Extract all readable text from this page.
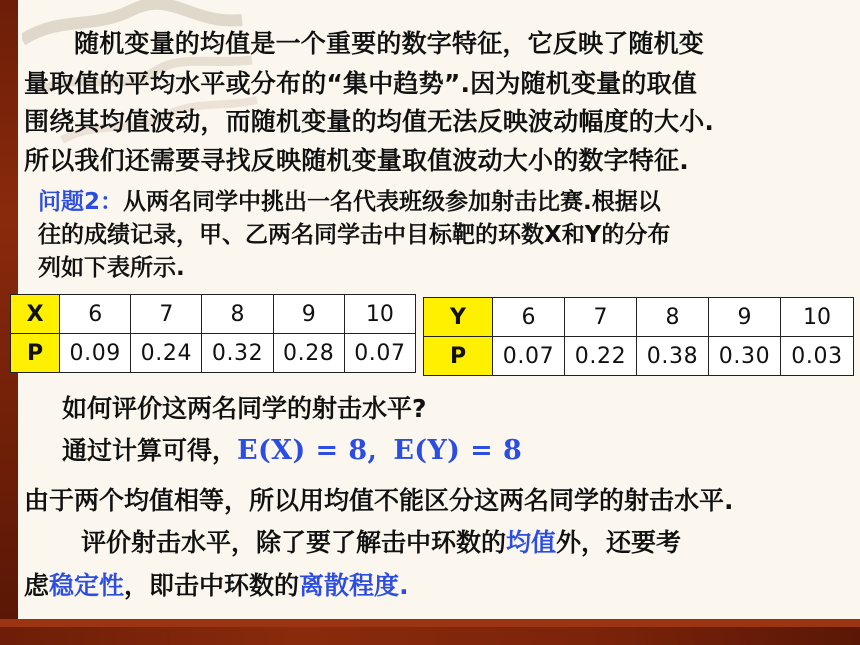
随机变量的均值是一个重要的数字特征，它反映了随机变
量取值的平均水平或分布的“集中趋势”.因为随机变量的取值
围绕其均值波动，而随机变量的均值无法反映波动幅度的大小.
所以我们还需要寻找反映随机变量取值波动大小的数字特征.
问题2：从两名同学中挑出一名代表班级参加射击比赛.根据以
往的成绩记录，甲、乙两名同学击中目标靶的环数X和Y的分布
列如下表所示.
X	6	7	8	9	10
P	0.09	0.24	0.32	0.28	0.07
Y	6	7	8	9	10
P	0.07	0.22	0.38	0.30	0.03
如何评价这两名同学的射击水平?
通过计算可得，E(X) = 8, E(Y) = 8
由于两个均值相等，所以用均值不能区分这两名同学的射击水平.
评价射击水平，除了要了解击中环数的均值外，还要考
虑稳定性，即击中环数的离散程度.
